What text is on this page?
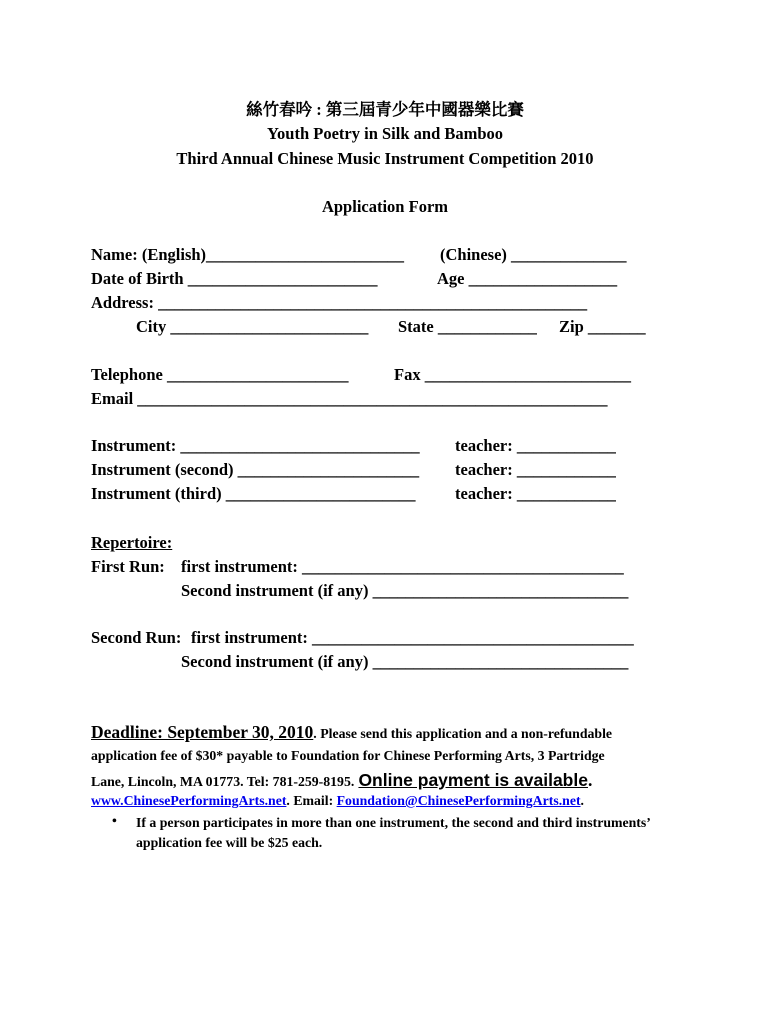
絲竹春吟 : 第三屆青少年中國器樂比賽
Youth Poetry in Silk and Bamboo
Third Annual Chinese Music Instrument Competition 2010
Application Form
Name: (English)________________________ (Chinese) ______________
Date of Birth _______________________	Age __________________
Address: ____________________________________________________
City ________________________ State ____________ Zip _______
Telephone ______________________	Fax _________________________
Email _________________________________________________________
Instrument: _____________________________ teacher: ____________
Instrument (second) ______________________ teacher: ____________
Instrument (third) _______________________ teacher: ____________
Repertoire:
First Run: first instrument: _______________________________________
Second instrument (if any) _______________________________
Second Run: first instrument: _______________________________________
Second instrument (if any) _______________________________
Deadline: September 30, 2010. Please send this application and a non-refundable
application fee of $30* payable to Foundation for Chinese Performing Arts, 3 Partridge
Lane, Lincoln, MA 01773. Tel: 781-259-8195. Online payment is available.
www.ChinesePerformingArts.net. Email: Foundation@ChinesePerformingArts.net.
• If a person participates in more than one instrument, the second and third instruments’ application fee will be $25 each.
